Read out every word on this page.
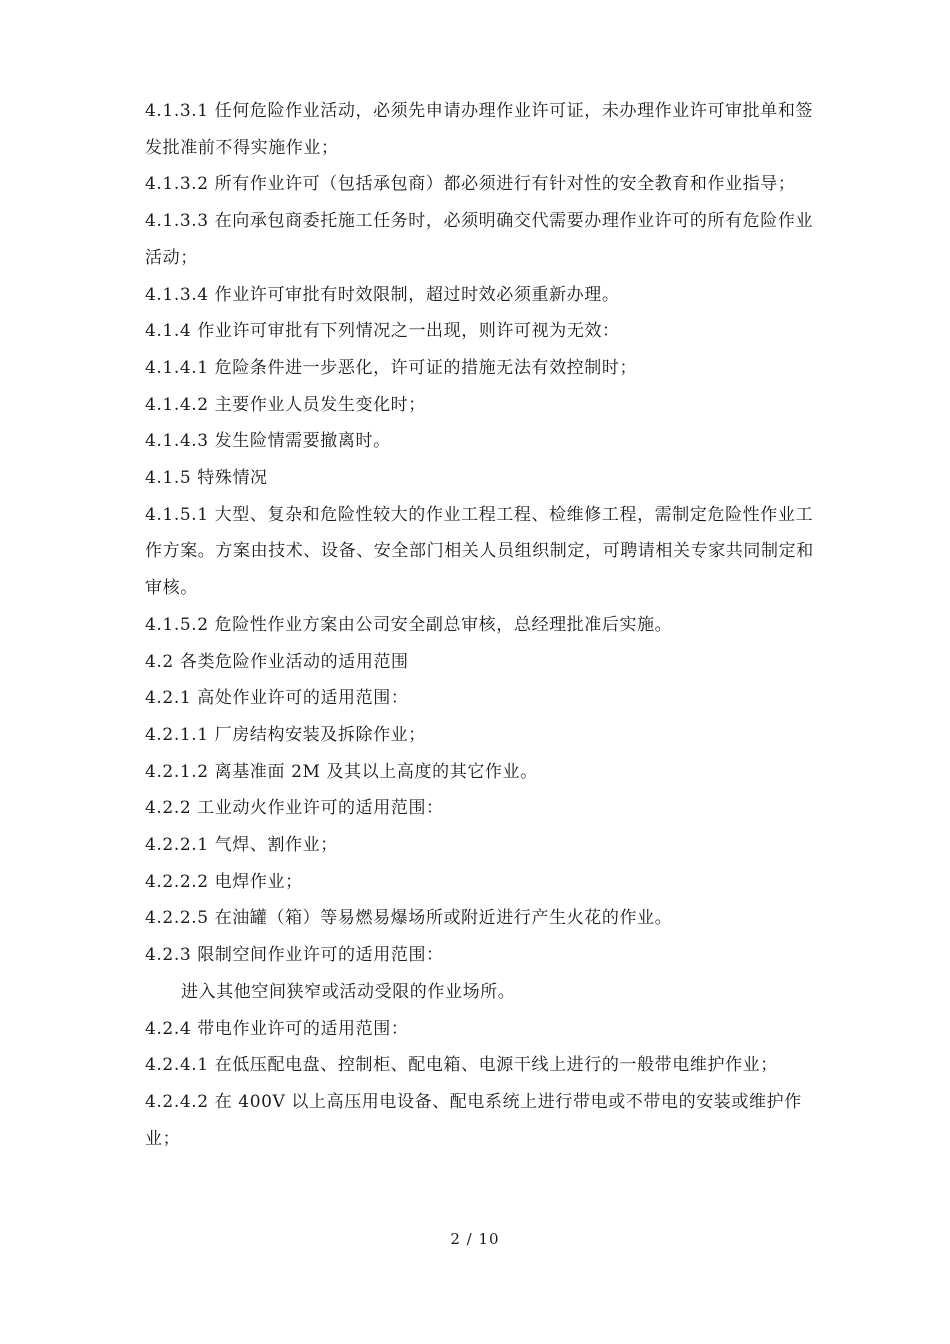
4.1.3.1 任何危险作业活动，必须先申请办理作业许可证，未办理作业许可审批单和签发批准前不得实施作业；

4.1.3.2 所有作业许可（包括承包商）都必须进行有针对性的安全教育和作业指导；

4.1.3.3 在向承包商委托施工任务时，必须明确交代需要办理作业许可的所有危险作业活动；

4.1.3.4 作业许可审批有时效限制，超过时效必须重新办理。

4.1.4 作业许可审批有下列情况之一出现，则许可视为无效：

4.1.4.1 危险条件进一步恶化，许可证的措施无法有效控制时；

4.1.4.2 主要作业人员发生变化时；

4.1.4.3 发生险情需要撤离时。

4.1.5 特殊情况

4.1.5.1 大型、复杂和危险性较大的作业工程工程、检维修工程，需制定危险性作业工作方案。方案由技术、设备、安全部门相关人员组织制定，可聘请相关专家共同制定和审核。

4.1.5.2 危险性作业方案由公司安全副总审核，总经理批准后实施。

4.2 各类危险作业活动的适用范围

4.2.1 高处作业许可的适用范围：

4.2.1.1 厂房结构安装及拆除作业；

4.2.1.2 离基准面 2M 及其以上高度的其它作业。

4.2.2 工业动火作业许可的适用范围：

4.2.2.1 气焊、割作业；

4.2.2.2 电焊作业；

4.2.2.5 在油罐（箱）等易燃易爆场所或附近进行产生火花的作业。

4.2.3 限制空间作业许可的适用范围：

进入其他空间狭窄或活动受限的作业场所。

4.2.4 带电作业许可的适用范围：

4.2.4.1 在低压配电盘、控制柜、配电箱、电源干线上进行的一般带电维护作业；

4.2.4.2 在 400V 以上高压用电设备、配电系统上进行带电或不带电的安装或维护作业；

2 / 10
